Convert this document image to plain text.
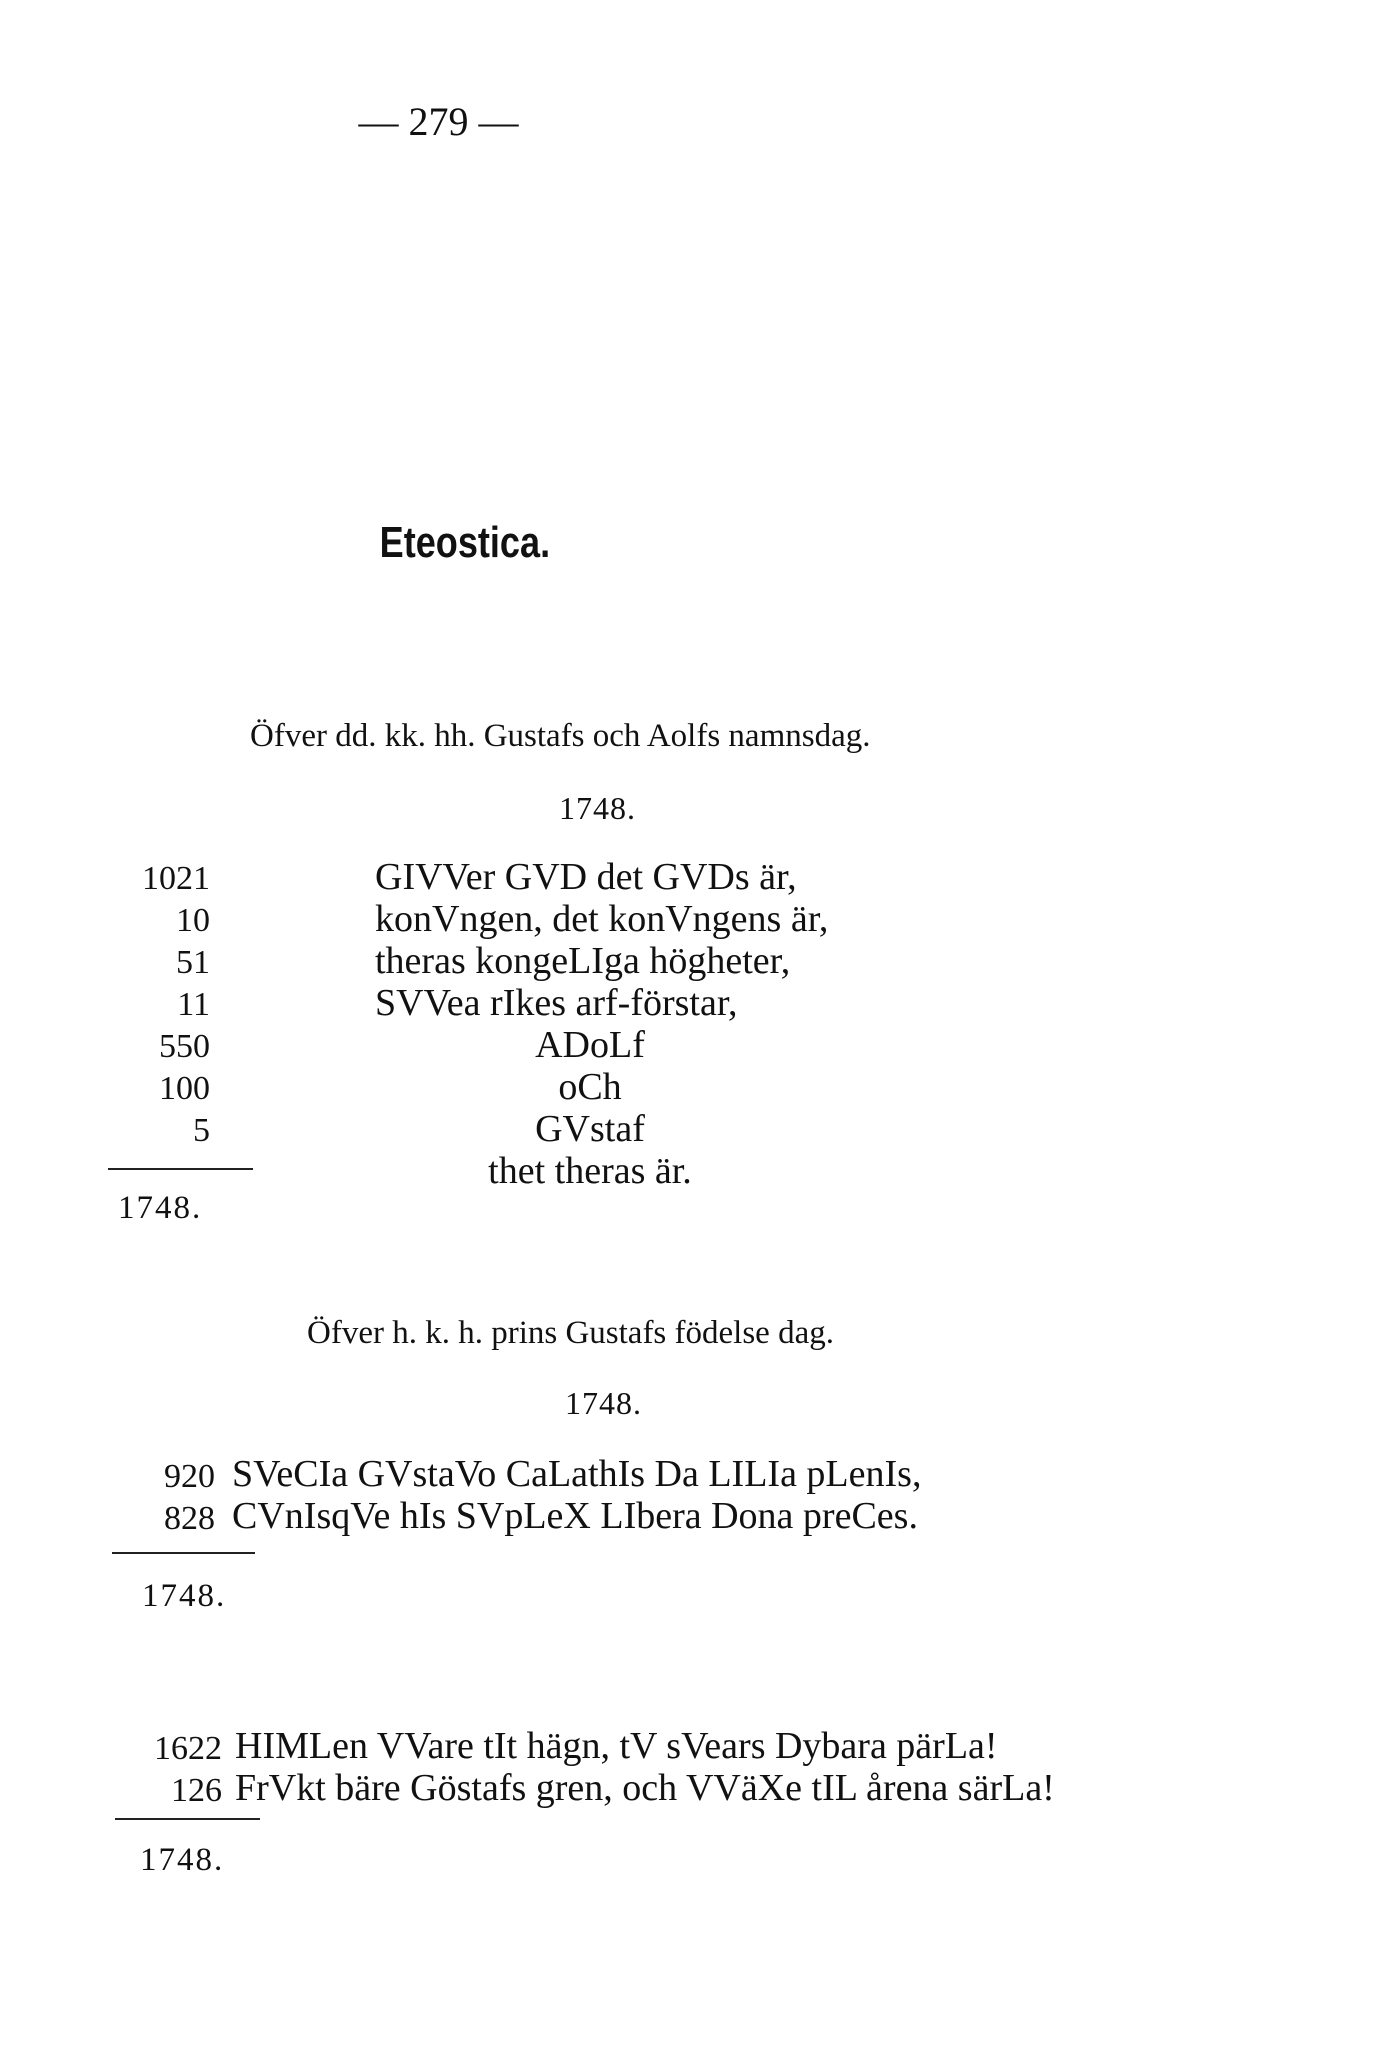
— 279 —
Eteostica.
Öfver dd. kk. hh. Gustafs och Aolfs namnsdag.
1748.
1021
10
51
11
550
100
5
GIVVer GVD det GVDs är,
konVngen, det konVngens är,
theras kongeLIga högheter,
SVVea rIkes arf-förstar,
ADoLf
oCh
GVstaf
thet theras är.
1748.
Öfver h. k. h. prins Gustafs födelse dag.
1748.
920
828
SVeCIa GVstaVo CaLathIs Da LILIa pLenIs,
CVnIsqVe hIs SVpLeX LIbera Dona preCes.
1748.
1622
126
HIMLen VVare tIt hägn, tV sVears Dybara pärLa!
FrVkt bäre Göstafs gren, och VVäXe tIL årena särLa!
1748.
